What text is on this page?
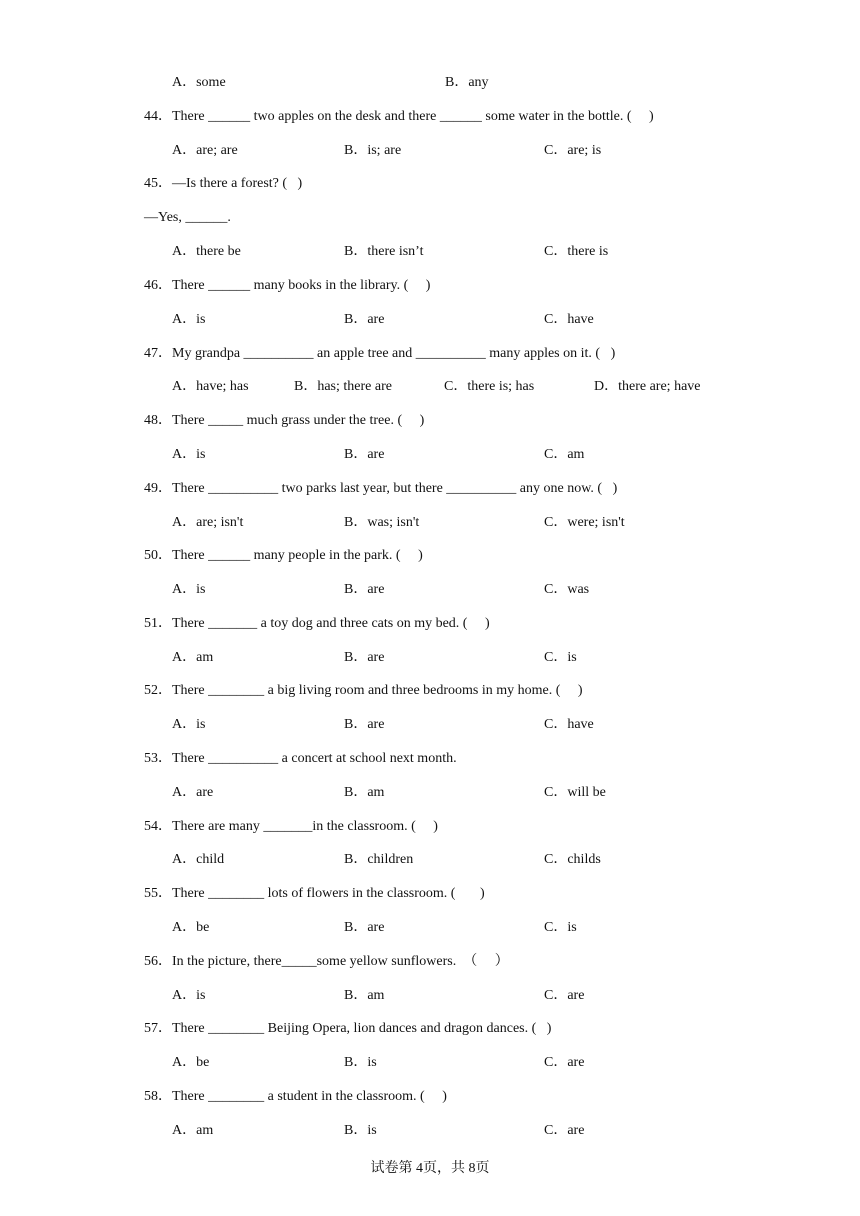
A．some	B．any
44．There ______ two apples on the desk and there ______ some water in the bottle. (     )
A．are; are	B．is; are	C．are; is
45．—Is there a forest? (   )
—Yes, ______.
A．there be	B．there isn’t	C．there is
46．There ______ many books in the library. (     )
A．is	B．are	C．have
47．My grandpa __________ an apple tree and __________ many apples on it. (   )
A．have; has	B．has; there are	C．there is; has	D．there are; have
48．There _____ much grass under the tree. (     )
A．is	B．are	C．am
49．There __________ two parks last year, but there __________ any one now. (   )
A．are; isn't	B．was; isn't	C．were; isn't
50．There ______ many people in the park. (     )
A．is	B．are	C．was
51．There _______ a toy dog and three cats on my bed. (     )
A．am	B．are	C．is
52．There ________ a big living room and three bedrooms in my home. (     )
A．is	B．are	C．have
53．There __________ a concert at school next month.
A．are	B．am	C．will be
54．There are many _______in the classroom. (     )
A．child	B．children	C．childs
55．There ________ lots of flowers in the classroom. (       )
A．be	B．are	C．is
56．In the picture, there_____some yellow sunflowers.  （     ）
A．is	B．am	C．are
57．There ________ Beijing Opera, lion dances and dragon dances. (   )
A．be	B．is	C．are
58．There ________ a student in the classroom. (     )
A．am	B．is	C．are
试卷第 4页，共 8页
